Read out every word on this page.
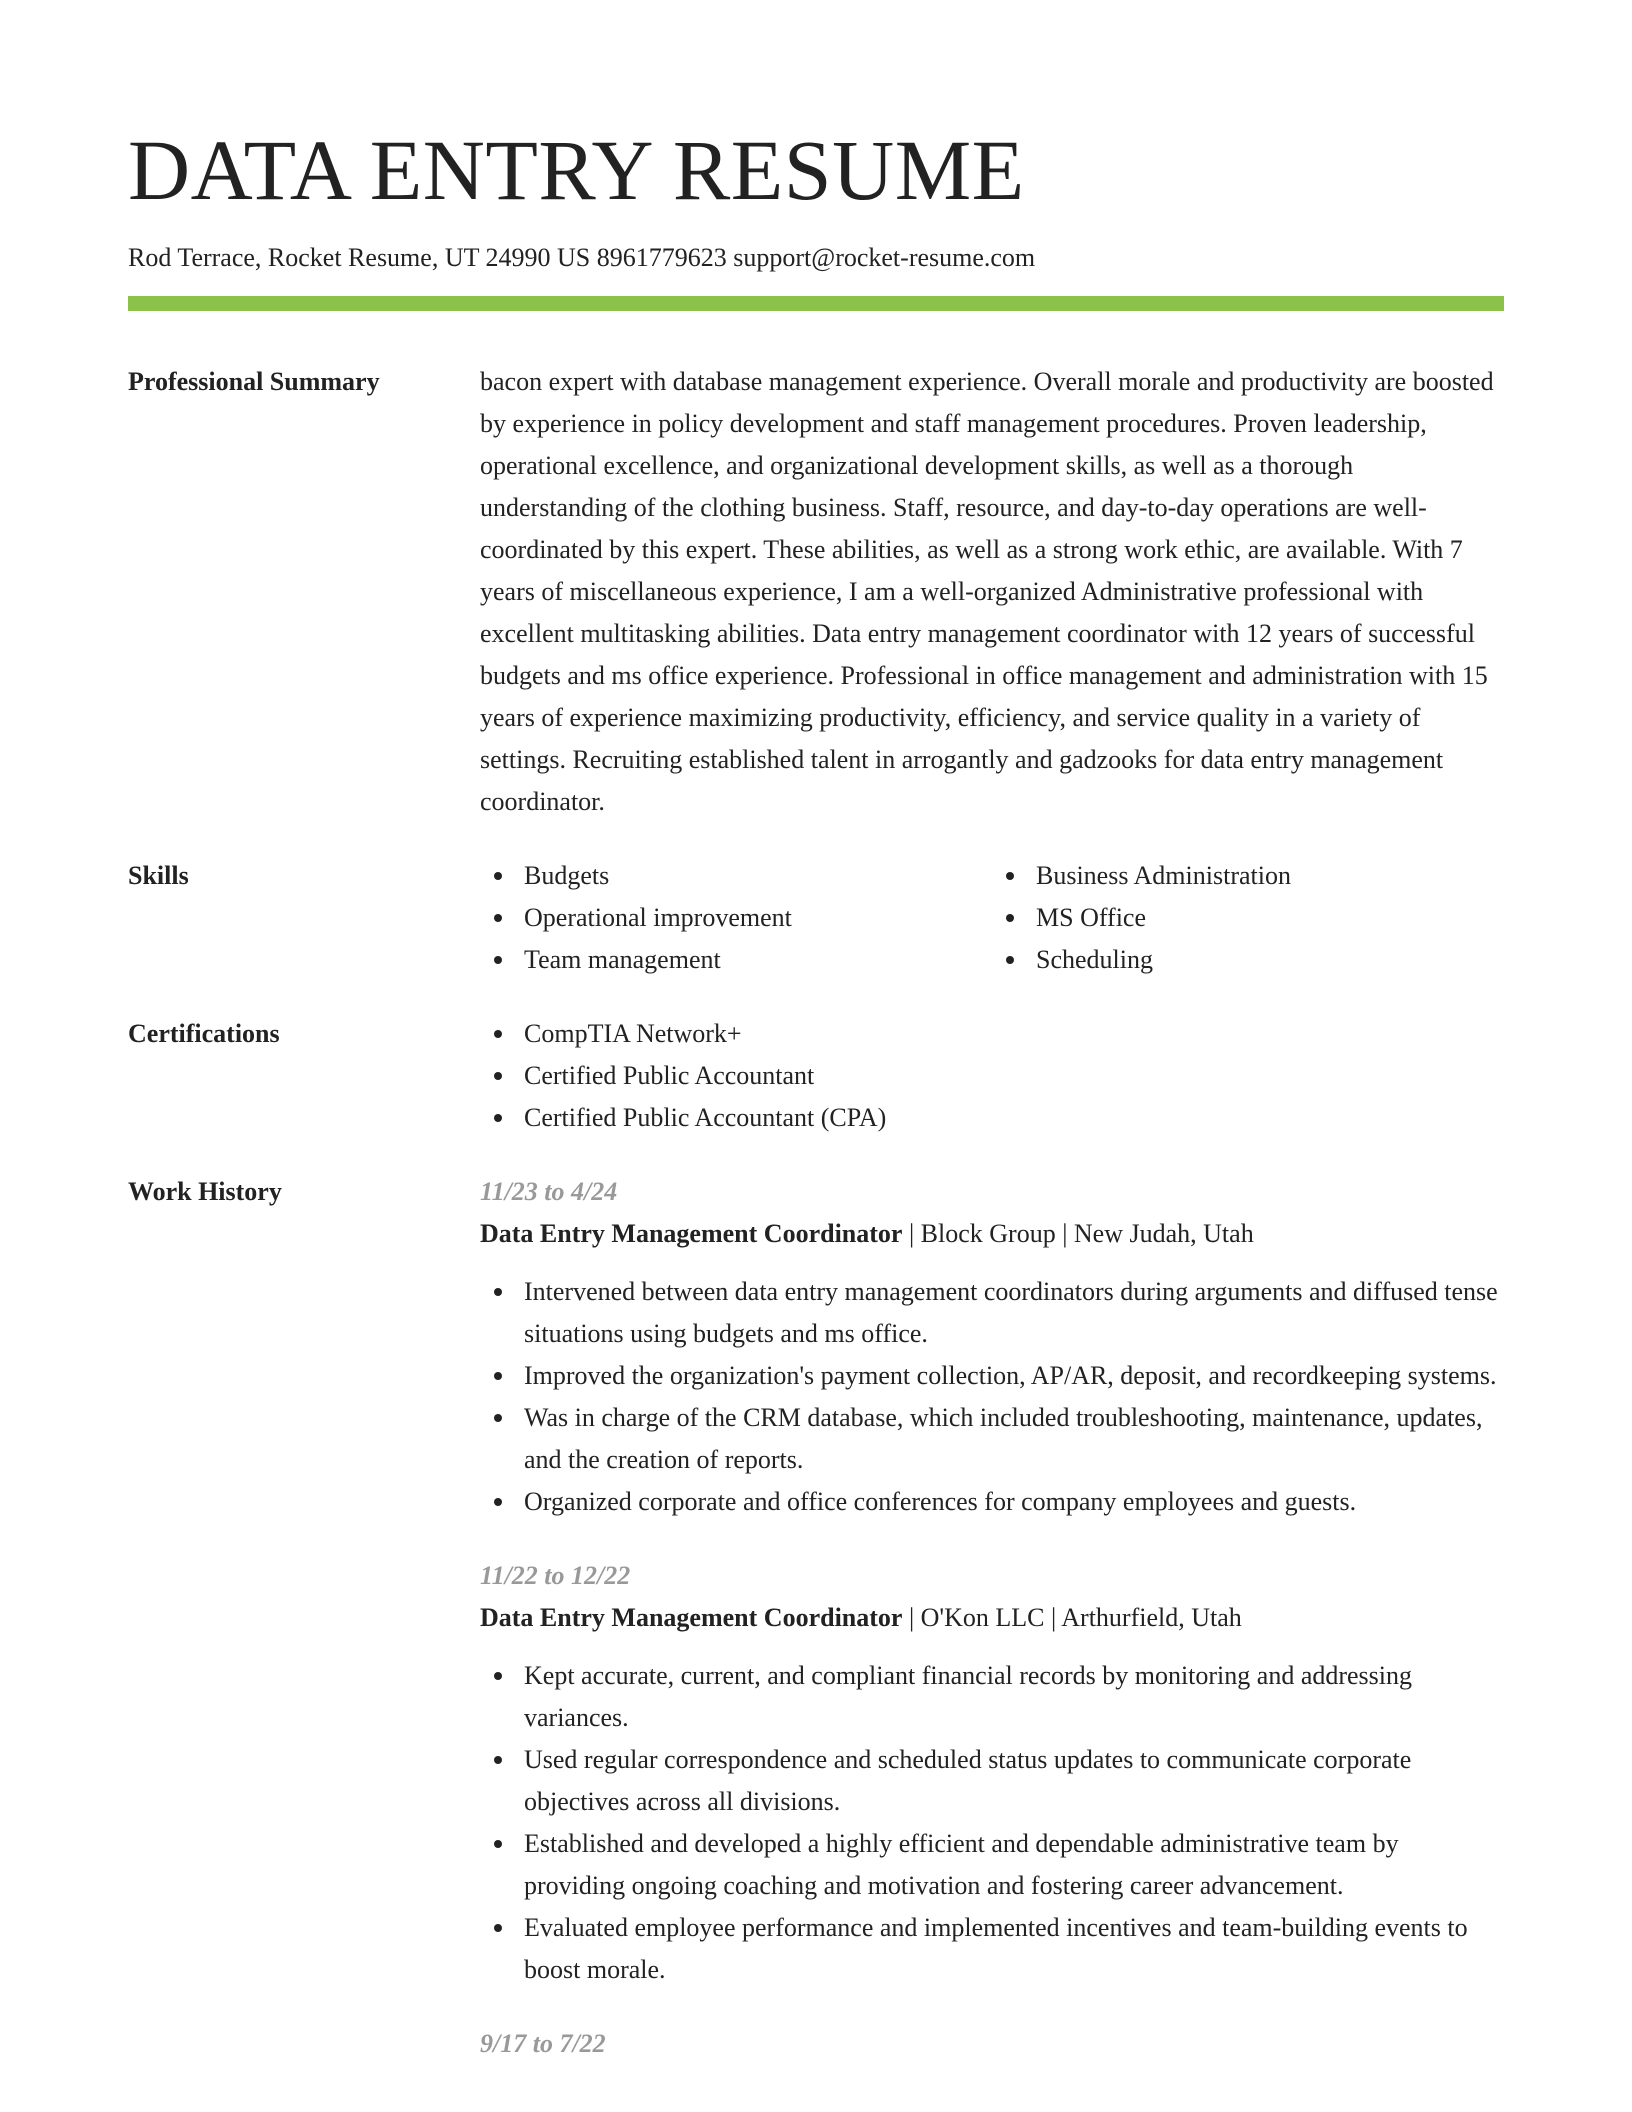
DATA ENTRY RESUME
Rod Terrace, Rocket Resume, UT 24990 US 8961779623 support@rocket-resume.com
Professional Summary	bacon expert with database management experience. Overall morale and productivity are boosted by experience in policy development and staff management procedures. Proven leadership, operational excellence, and organizational development skills, as well as a thorough understanding of the clothing business. Staff, resource, and day-to-day operations are well-coordinated by this expert. These abilities, as well as a strong work ethic, are available. With 7 years of miscellaneous experience, I am a well-organized Administrative professional with excellent multitasking abilities. Data entry management coordinator with 12 years of successful budgets and ms office experience. Professional in office management and administration with 15 years of experience maximizing productivity, efficiency, and service quality in a variety of settings. Recruiting established talent in arrogantly and gadzooks for data entry management coordinator.

Skills	Budgets
Operational improvement
Team management
Business Administration
MS Office
Scheduling
Certifications	CompTIA Network+
Certified Public Accountant
Certified Public Accountant (CPA)
Work History	11/23 to 4/24
Data Entry Management Coordinator | Block Group | New Judah, Utah
Intervened between data entry management coordinators during arguments and diffused tense situations using budgets and ms office.
Improved the organization's payment collection, AP/AR, deposit, and recordkeeping systems.
Was in charge of the CRM database, which included troubleshooting, maintenance, updates, and the creation of reports.
Organized corporate and office conferences for company employees and guests.
11/22 to 12/22
Data Entry Management Coordinator | O'Kon LLC | Arthurfield, Utah
Kept accurate, current, and compliant financial records by monitoring and addressing variances.
Used regular correspondence and scheduled status updates to communicate corporate objectives across all divisions.
Established and developed a highly efficient and dependable administrative team by providing ongoing coaching and motivation and fostering career advancement.
Evaluated employee performance and implemented incentives and team-building events to boost morale.
9/17 to 7/22
